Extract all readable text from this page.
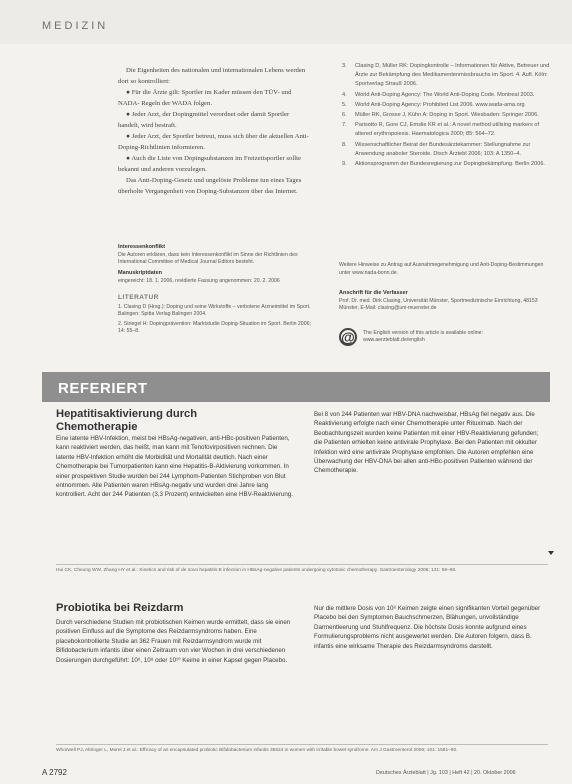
MEDIZIN

Die Eigenheiten des nationalen und internationalen Lebens werden dort so kontrolliert:

● Für die Ärzte gilt: Sportler im Kader müssen den TÜV- und NADA- Regeln der WADA folgen.

● Jeder Arzt, der Dopingmittel verordnet oder damit Sportler handelt, wird bestraft.

● Jeder Arzt, der Sportler betreut, muss sich über die aktuellen Anti-Doping-Richtlinien informieren.

● Auch die Liste von Dopingsubstanzen im Freizeitsportler sollte bekannt und anderen vorzulegen.

Das Anti-Doping-Gesetz und ungelöste Probleme tun eines Tages überholte Vergangenheit von Doping-Substanzen über das Internet.

Interessenkonflikt
Die Autoren erklären, dass kein Interessenkonflikt im Sinne der Richtlinien des International Committee of Medical Journal Editors besteht.
Manuskriptdaten
eingereicht: 18. 1. 2006, revidierte Fassung angenommen: 20. 2. 2006
LITERATUR
1. Clasing D (Hrsg.): Doping und seine Wirkstoffe – verbotene Arzneimittel im Sport. Balingen: Spitta Verlag Balingen 2004.
2. Striegel H: Dopingprävention: Marktstudie Doping-Situation im Sport. Berlin 2006; 14: 55–8.
3.	Clasing D, Müller RK: Dopingkontrolle – Informationen für Aktive, Betreuer und Ärzte zur Bekämpfung des Medikamentenmissbrauchs im Sport. 4. Aufl. Köln: Sportverlag Strauß 2006.
4.	World Anti-Doping Agency: The World Anti-Doping Code. Montreal 2003.
5.	World Anti-Doping Agency: Prohibited List 2006. www.wada-ama.org
6.	Müller RK, Grosse J, Kühn A: Doping in Sport. Wiesbaden: Springer 2006.
7.	Parisotto R, Gore CJ, Emslie KR et al.: A novel method utilising markers of altered erythropoiesis. Haematologica 2000; 85: 564–72.
8.	Wissenschaftlicher Beirat der Bundesärztekammer: Stellungnahme zur Anwendung anaboler Steroide. Dtsch Ärztebl 2006; 103: A 1350–4.
9.	Aktionsprogramm der Bundesregierung zur Dopingbekämpfung. Berlin 2006.
Weitere Hinweise zu Antrag auf Ausnahmegenehmigung und Anti-Doping-Bestimmungen unter www.nada-bonn.de.
Anschrift für die Verfasser
Prof. Dr. med. Dirk Clasing, Universität Münster, Sportmedizinische Einrichtung, 48153 Münster, E-Mail: clasing@uni-muenster.de
@	The English version of this article is available online: www.aerzteblatt.de/english
REFERIERT
Hepatitisaktivierung durch Chemotherapie

Eine latente HBV-Infektion, meist bei HBsAg-negativen, anti-HBc-positiven Patienten, kann reaktiviert werden, das heißt, man kann mit Tenofovirpositiven rechnen. Die latente HBV-Infektion erhöht die Morbidität und Mortalität deutlich. Nach einer Chemotherapie bei Tumorpatienten kann eine Hepatitis-B-Aktivierung vorkommen. In einer prospektiven Studie wurden bei 244 Lymphom-Patienten Stichproben von Blut entnommen. Alle Patienten waren HBsAg-negativ und wurden drei Jahre lang kontrolliert. Acht der 244 Patienten (3,3 Prozent) entwickelten eine HBV-Reaktivierung.

Bei 8 von 244 Patienten war HBV-DNA nachweisbar, HBsAg fiel negativ aus. Die Reaktivierung erfolgte nach einer Chemotherapie unter Rituximab. Nach der Beobachtungszeit wurden keine Patienten mit einer HBV-Reaktivierung gefunden; die Patienten erhielten keine antivirale Prophylaxe. Bei den Patienten mit okkulter Infektion wird eine antivirale Prophylaxe empfohlen. Die Autoren empfehlen eine Überwachung der HBV-DNA bei allen anti-HBc-positiven Patienten während der Chemotherapie.

Hui CK, Cheung WW, Zhang HY et al.: Kinetics and risk of de novo hepatitis B infection in HBsAg-negative patients undergoing cytotoxic chemotherapy. Gastroenterology 2006; 131: 59–68.
Probiotika bei Reizdarm

Durch verschiedene Studien mit probiotischen Keimen wurde ermittelt, dass sie einen positiven Einfluss auf die Symptome des Reizdarmsyndroms haben. Eine placebokontrollierte Studie an 362 Frauen mit Reizdarmsyndrom wurde mit Bifidobacterium infantis über einen Zeitraum von vier Wochen in drei verschiedenen Dosierungen durchgeführt: 10⁶, 10⁸ oder 10¹⁰ Keime in einer Kapsel gegen Placebo.

Nur die mittlere Dosis von 10⁸ Keimen zeigte einen signifikanten Vorteil gegenüber Placebo bei den Symptomen Bauchschmerzen, Blähungen, unvollständige Darmentleerung und Stuhlfrequenz. Die höchste Dosis konnte aufgrund eines Formulierungsproblems nicht ausgewertet werden. Die Autoren folgern, dass B. infantis eine wirksame Therapie des Reizdarmsyndroms darstellt.

Whorwell PJ, Altringer L, Morel J et al.: Efficacy of an encapsulated probiotic Bifidobacterium infantis 35624 in women with irritable bowel syndrome. Am J Gastroenterol 2006; 101: 1581–90.
A 2792	Deutsches Ärzteblatt | Jg. 103 | Heft 42 | 20. Oktober 2006
